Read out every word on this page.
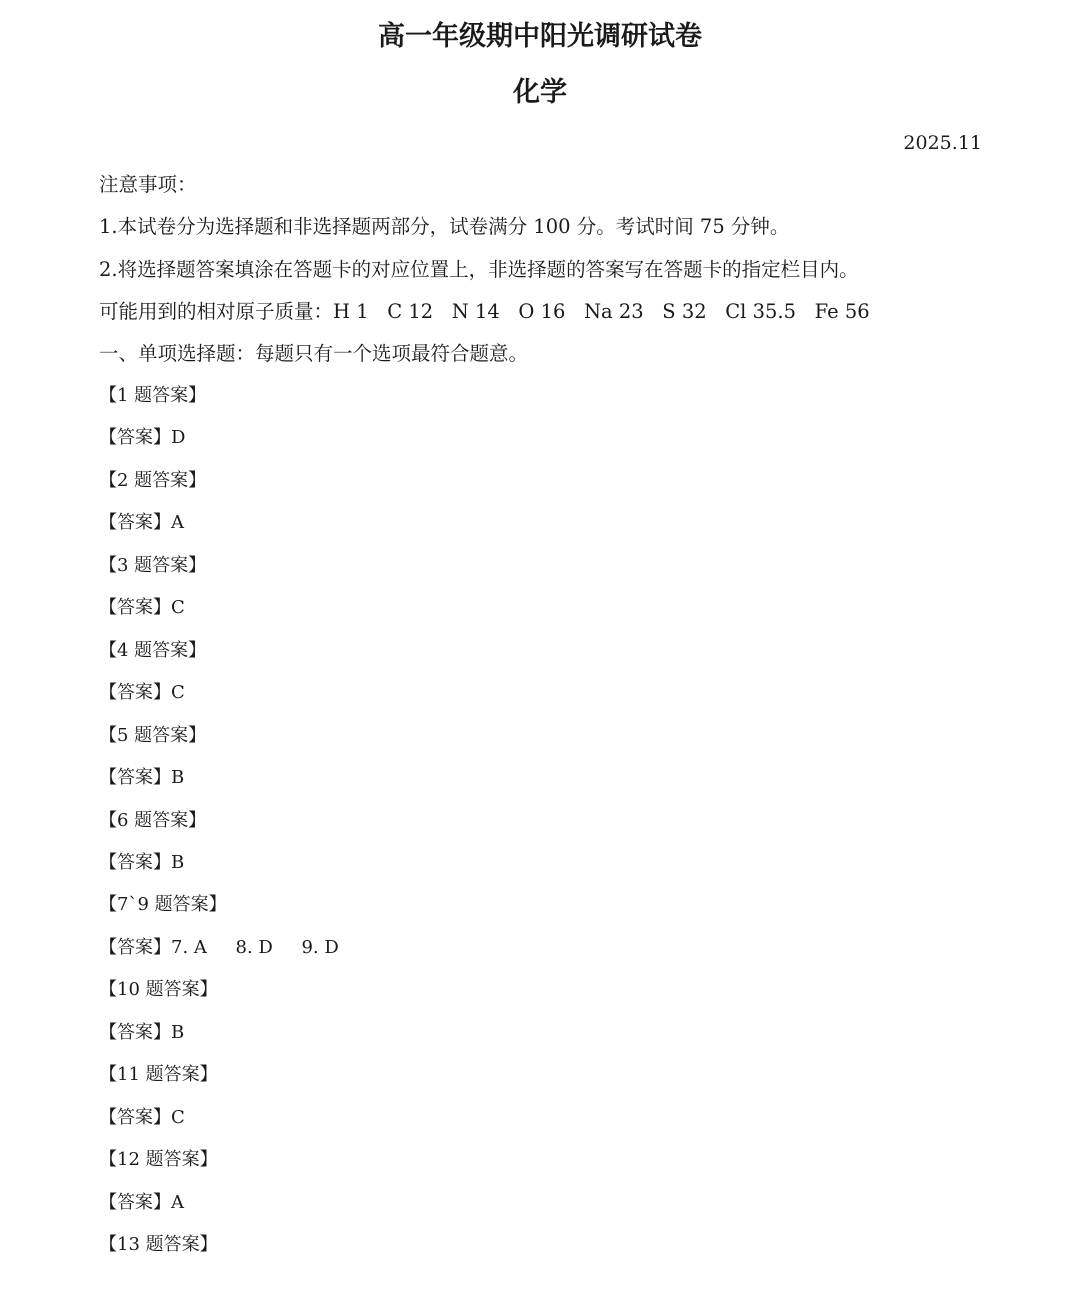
高一年级期中阳光调研试卷
化学
2025.11
注意事项：
1.本试卷分为选择题和非选择题两部分，试卷满分 100 分。考试时间 75 分钟。
2.将选择题答案填涂在答题卡的对应位置上，非选择题的答案写在答题卡的指定栏目内。
可能用到的相对原子质量：H 1   C 12   N 14   O 16   Na 23   S 32   Cl 35.5   Fe 56
一、单项选择题：每题只有一个选项最符合题意。
【1 题答案】
【答案】D
【2 题答案】
【答案】A
【3 题答案】
【答案】C
【4 题答案】
【答案】C
【5 题答案】
【答案】B
【6 题答案】
【答案】B
【7`9 题答案】
【答案】7. A     8. D     9. D
【10 题答案】
【答案】B
【11 题答案】
【答案】C
【12 题答案】
【答案】A
【13 题答案】
